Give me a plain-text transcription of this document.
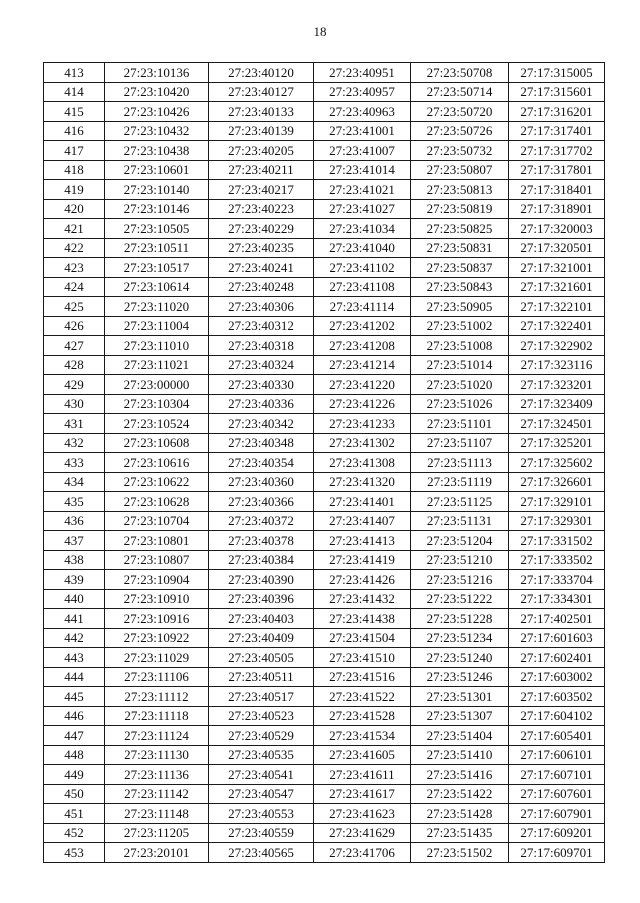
18
413	27:23:10136	27:23:40120	27:23:40951	27:23:50708	27:17:315005
414	27:23:10420	27:23:40127	27:23:40957	27:23:50714	27:17:315601
415	27:23:10426	27:23:40133	27:23:40963	27:23:50720	27:17:316201
416	27:23:10432	27:23:40139	27:23:41001	27:23:50726	27:17:317401
417	27:23:10438	27:23:40205	27:23:41007	27:23:50732	27:17:317702
418	27:23:10601	27:23:40211	27:23:41014	27:23:50807	27:17:317801
419	27:23:10140	27:23:40217	27:23:41021	27:23:50813	27:17:318401
420	27:23:10146	27:23:40223	27:23:41027	27:23:50819	27:17:318901
421	27:23:10505	27:23:40229	27:23:41034	27:23:50825	27:17:320003
422	27:23:10511	27:23:40235	27:23:41040	27:23:50831	27:17:320501
423	27:23:10517	27:23:40241	27:23:41102	27:23:50837	27:17:321001
424	27:23:10614	27:23:40248	27:23:41108	27:23:50843	27:17:321601
425	27:23:11020	27:23:40306	27:23:41114	27:23:50905	27:17:322101
426	27:23:11004	27:23:40312	27:23:41202	27:23:51002	27:17:322401
427	27:23:11010	27:23:40318	27:23:41208	27:23:51008	27:17:322902
428	27:23:11021	27:23:40324	27:23:41214	27:23:51014	27:17:323116
429	27:23:00000	27:23:40330	27:23:41220	27:23:51020	27:17:323201
430	27:23:10304	27:23:40336	27:23:41226	27:23:51026	27:17:323409
431	27:23:10524	27:23:40342	27:23:41233	27:23:51101	27:17:324501
432	27:23:10608	27:23:40348	27:23:41302	27:23:51107	27:17:325201
433	27:23:10616	27:23:40354	27:23:41308	27:23:51113	27:17:325602
434	27:23:10622	27:23:40360	27:23:41320	27:23:51119	27:17:326601
435	27:23:10628	27:23:40366	27:23:41401	27:23:51125	27:17:329101
436	27:23:10704	27:23:40372	27:23:41407	27:23:51131	27:17:329301
437	27:23:10801	27:23:40378	27:23:41413	27:23:51204	27:17:331502
438	27:23:10807	27:23:40384	27:23:41419	27:23:51210	27:17:333502
439	27:23:10904	27:23:40390	27:23:41426	27:23:51216	27:17:333704
440	27:23:10910	27:23:40396	27:23:41432	27:23:51222	27:17:334301
441	27:23:10916	27:23:40403	27:23:41438	27:23:51228	27:17:402501
442	27:23:10922	27:23:40409	27:23:41504	27:23:51234	27:17:601603
443	27:23:11029	27:23:40505	27:23:41510	27:23:51240	27:17:602401
444	27:23:11106	27:23:40511	27:23:41516	27:23:51246	27:17:603002
445	27:23:11112	27:23:40517	27:23:41522	27:23:51301	27:17:603502
446	27:23:11118	27:23:40523	27:23:41528	27:23:51307	27:17:604102
447	27:23:11124	27:23:40529	27:23:41534	27:23:51404	27:17:605401
448	27:23:11130	27:23:40535	27:23:41605	27:23:51410	27:17:606101
449	27:23:11136	27:23:40541	27:23:41611	27:23:51416	27:17:607101
450	27:23:11142	27:23:40547	27:23:41617	27:23:51422	27:17:607601
451	27:23:11148	27:23:40553	27:23:41623	27:23:51428	27:17:607901
452	27:23:11205	27:23:40559	27:23:41629	27:23:51435	27:17:609201
453	27:23:20101	27:23:40565	27:23:41706	27:23:51502	27:17:609701
